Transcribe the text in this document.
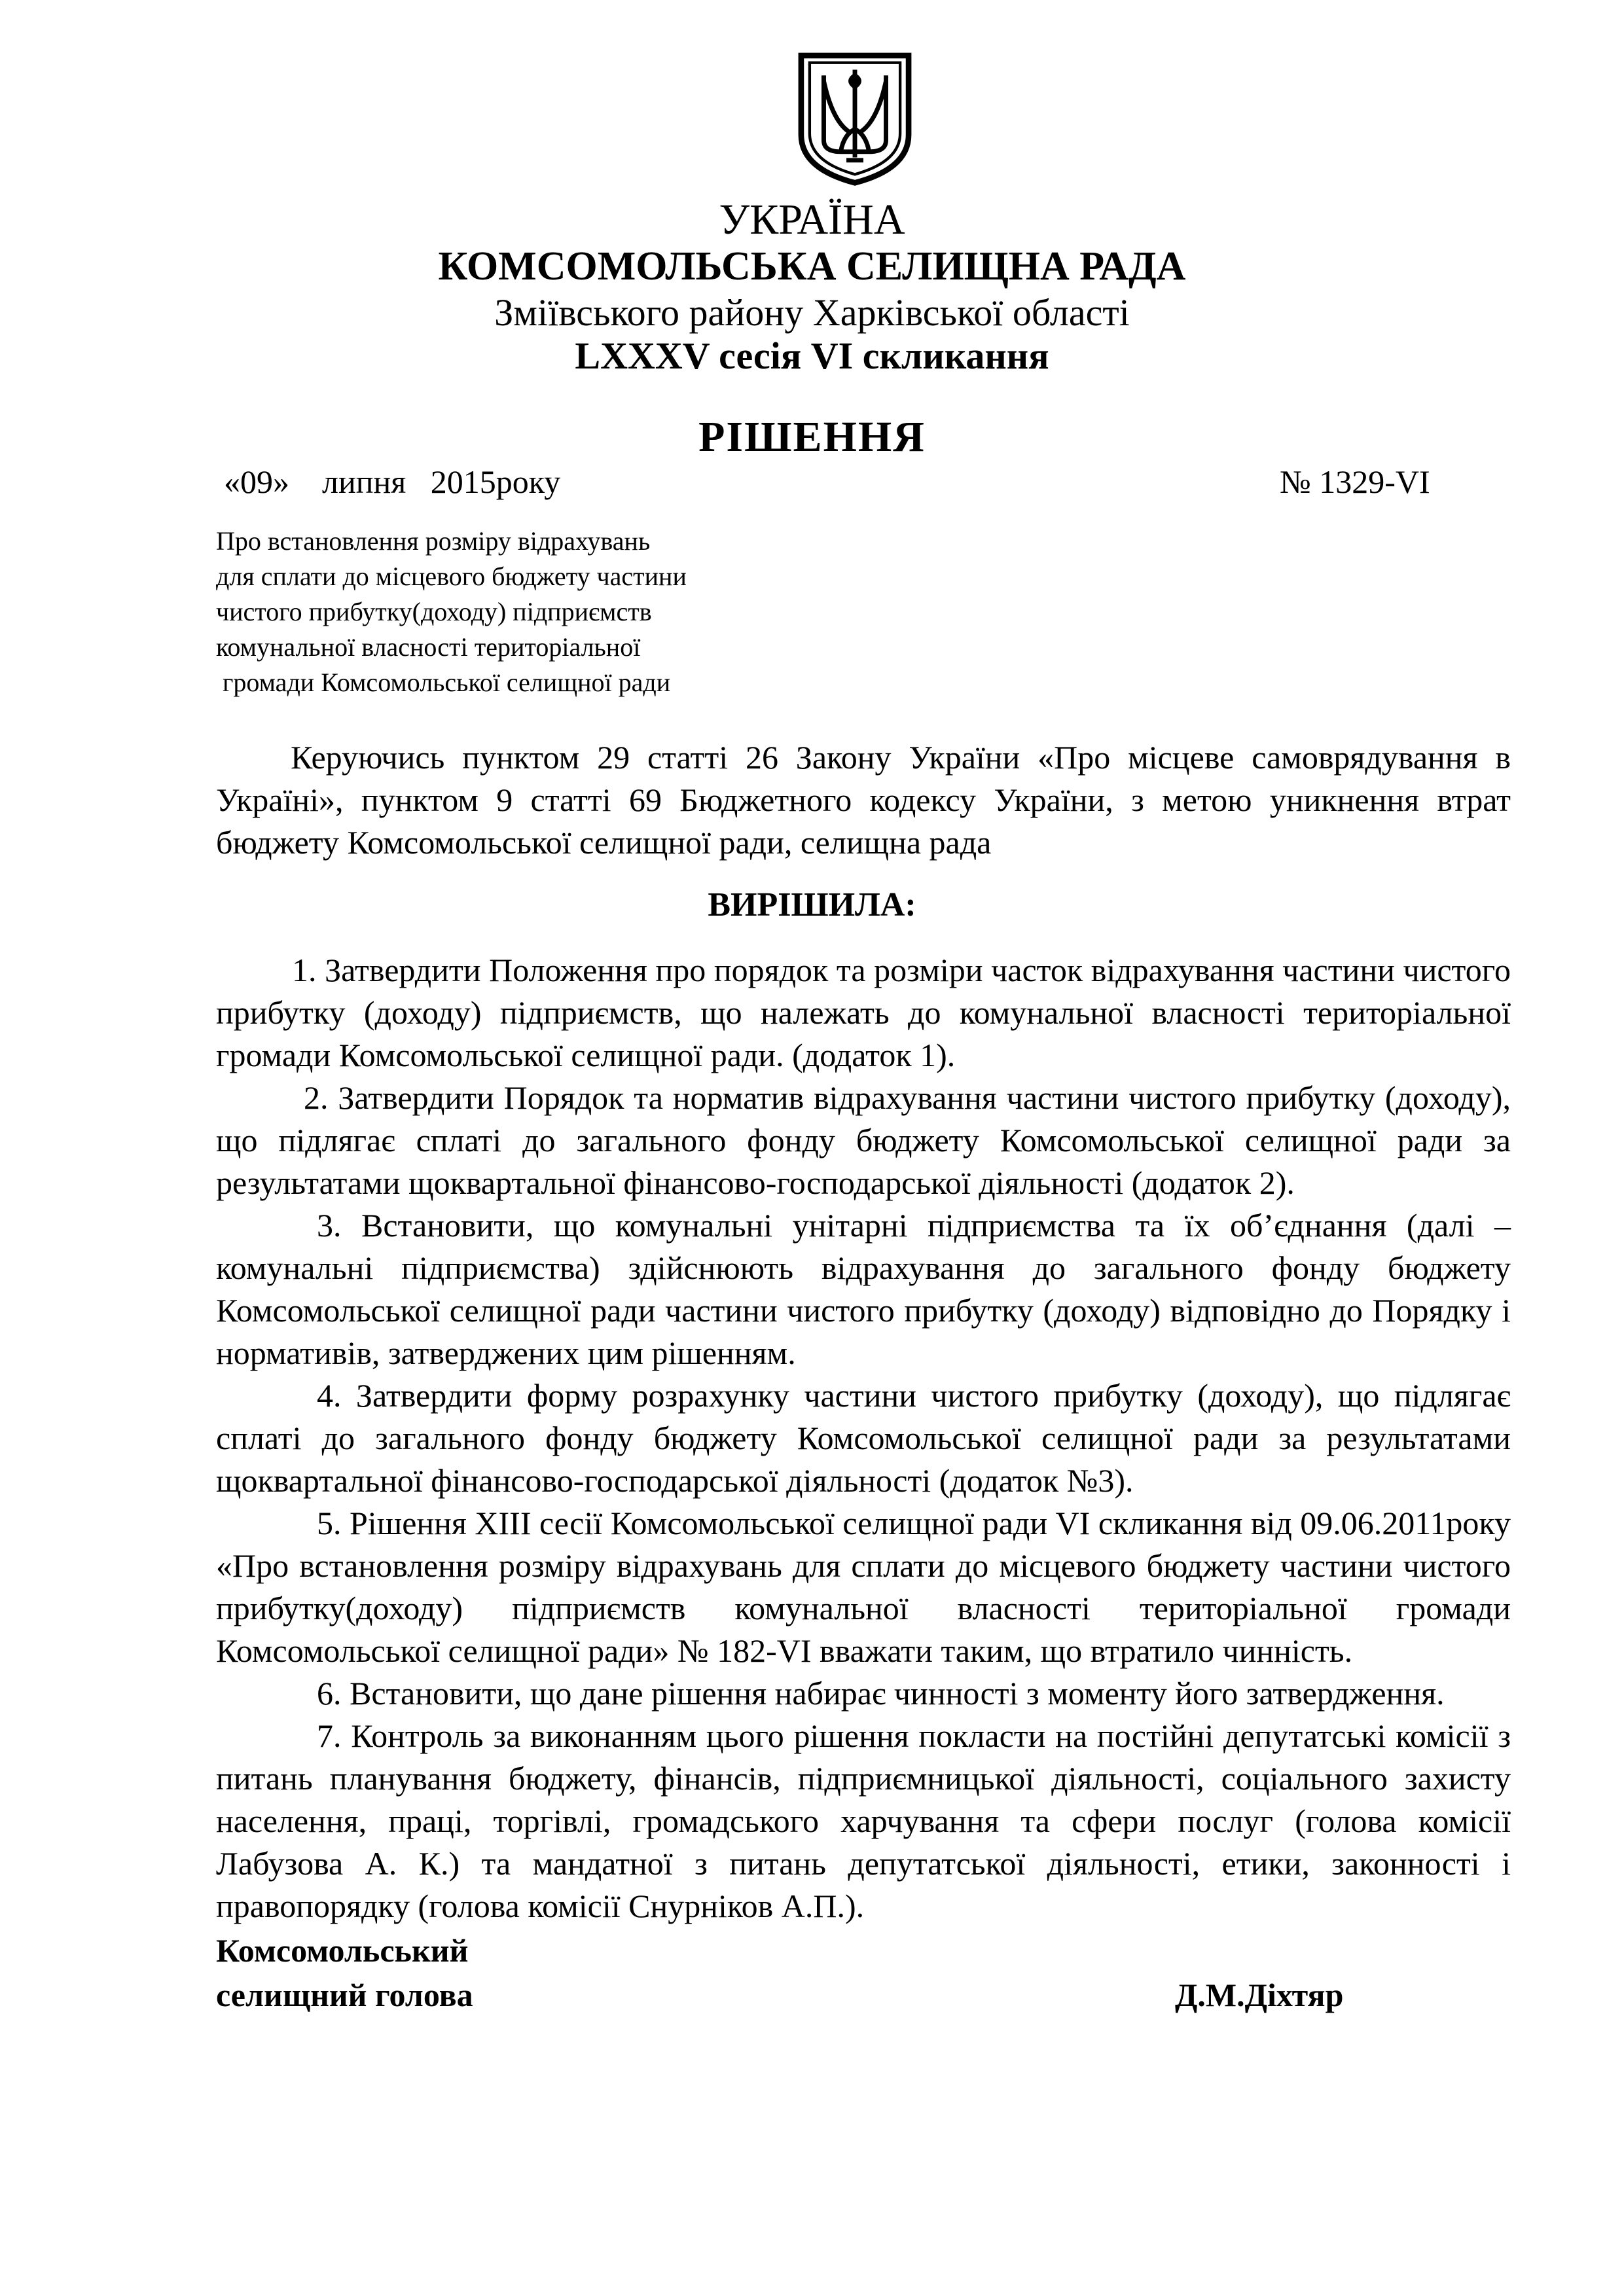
УКРАЇНА
КОМСОМОЛЬСЬКА СЕЛИЩНА РАДА
Зміївського району Харківської області
LXXXV сесія VI скликання
РІШЕННЯ
«09»    липня   2015року	№ 1329-VI
Про встановлення розміру відрахувань
для сплати до місцевого бюджету частини
чистого прибутку(доходу) підприємств
комунальної власності територіальної
громади Комсомольської селищної ради
Керуючись пунктом 29 статті 26 Закону України «Про місцеве самоврядування в Україні», пунктом 9 статті 69 Бюджетного кодексу України, з метою уникнення втрат бюджету Комсомольської селищної ради, селищна рада
ВИРІШИЛА:

1. Затвердити Положення про порядок та розміри часток відрахування частини чистого прибутку (доходу) підприємств, що належать до комунальної власності територіальної громади Комсомольської селищної ради. (додаток 1).

2. Затвердити Порядок та норматив відрахування частини чистого прибутку (доходу), що підлягає сплаті до загального фонду бюджету Комсомольської селищної ради за результатами щоквартальної фінансово-господарської діяльності (додаток 2).

3. Встановити, що комунальні унітарні підприємства та їх об’єднання (далі – комунальні підприємства) здійснюють відрахування до загального фонду бюджету Комсомольської селищної ради частини чистого прибутку (доходу) відповідно до Порядку і нормативів, затверджених цим рішенням.

4. Затвердити форму розрахунку частини чистого прибутку (доходу), що підлягає сплаті до загального фонду бюджету Комсомольської селищної ради за результатами щоквартальної фінансово-господарської діяльності (додаток №3).

5. Рішення XIII сесії Комсомольської селищної ради VI скликання від 09.06.2011року «Про встановлення розміру відрахувань для сплати до місцевого бюджету частини чистого прибутку(доходу) підприємств комунальної власності територіальної громади Комсомольської селищної ради» № 182-VI вважати таким, що втратило чинність.

6. Встановити, що дане рішення набирає чинності з моменту його затвердження.

7. Контроль за виконанням цього рішення покласти на постійні депутатські комісії з питань планування бюджету, фінансів, підприємницької діяльності, соціального захисту населення, праці, торгівлі, громадського харчування та сфери послуг (голова комісії Лабузова А. К.) та мандатної з питань депутатської діяльності, етики, законності і правопорядку (голова комісії Снурніков А.П.).

Комсомольський
селищний голова	Д.М.Діхтяр
